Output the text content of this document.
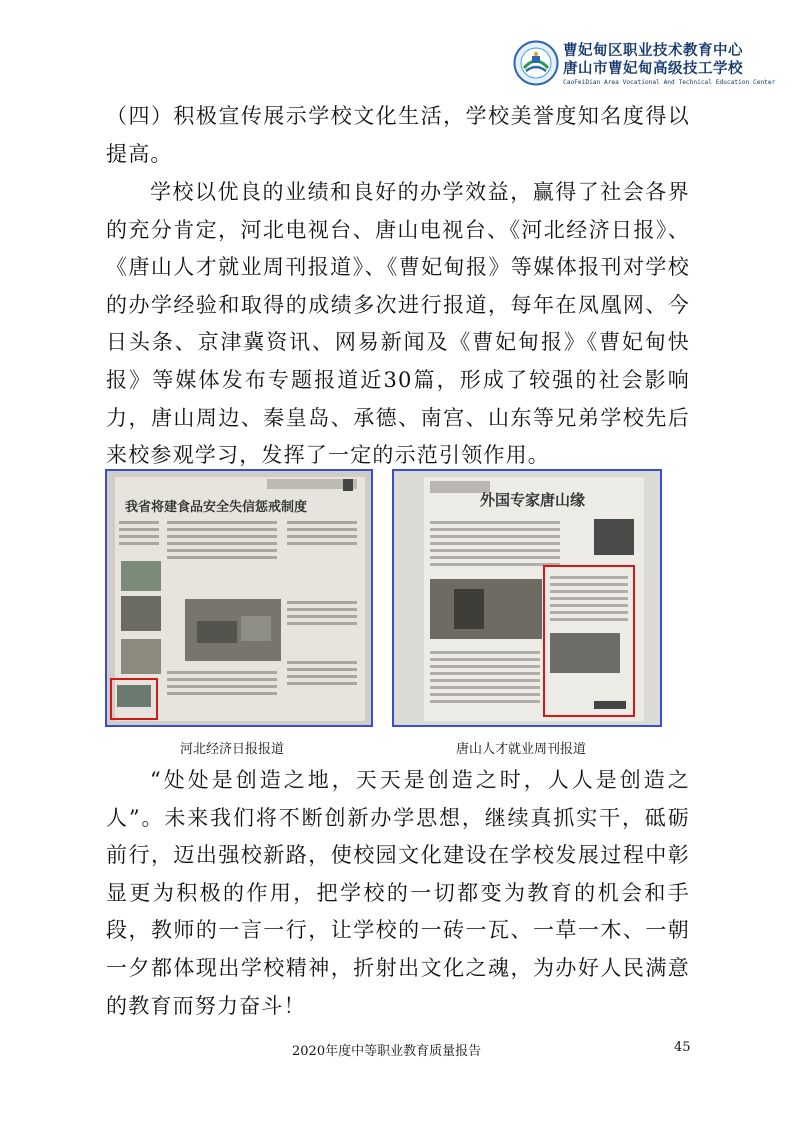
曹妃甸区职业技术教育中心
唐山市曹妃甸高级技工学校
CaoFeiDian Area Vocational And Technical Education Center

（四）积极宣传展示学校文化生活，学校美誉度知名度得以提高。

学校以优良的业绩和良好的办学效益，赢得了社会各界的充分肯定，河北电视台、唐山电视台、《河北经济日报》、《唐山人才就业周刊报道》、《曹妃甸报》等媒体报刊对学校的办学经验和取得的成绩多次进行报道，每年在凤凰网、今日头条、京津冀资讯、网易新闻及《曹妃甸报》《曹妃甸快报》等媒体发布专题报道近30篇，形成了较强的社会影响力，唐山周边、秦皇岛、承德、南宫、山东等兄弟学校先后来校参观学习，发挥了一定的示范引领作用。

我省将建食品安全失信惩戒制度	外国专家唐山缘
河北经济日报报道	唐山人才就业周刊报道

“处处是创造之地，天天是创造之时，人人是创造之人”。未来我们将不断创新办学思想，继续真抓实干，砥砺前行，迈出强校新路，使校园文化建设在学校发展过程中彰显更为积极的作用，把学校的一切都变为教育的机会和手段，教师的一言一行，让学校的一砖一瓦、一草一木、一朝一夕都体现出学校精神，折射出文化之魂，为办好人民满意的教育而努力奋斗！

2020年度中等职业教育质量报告	45
